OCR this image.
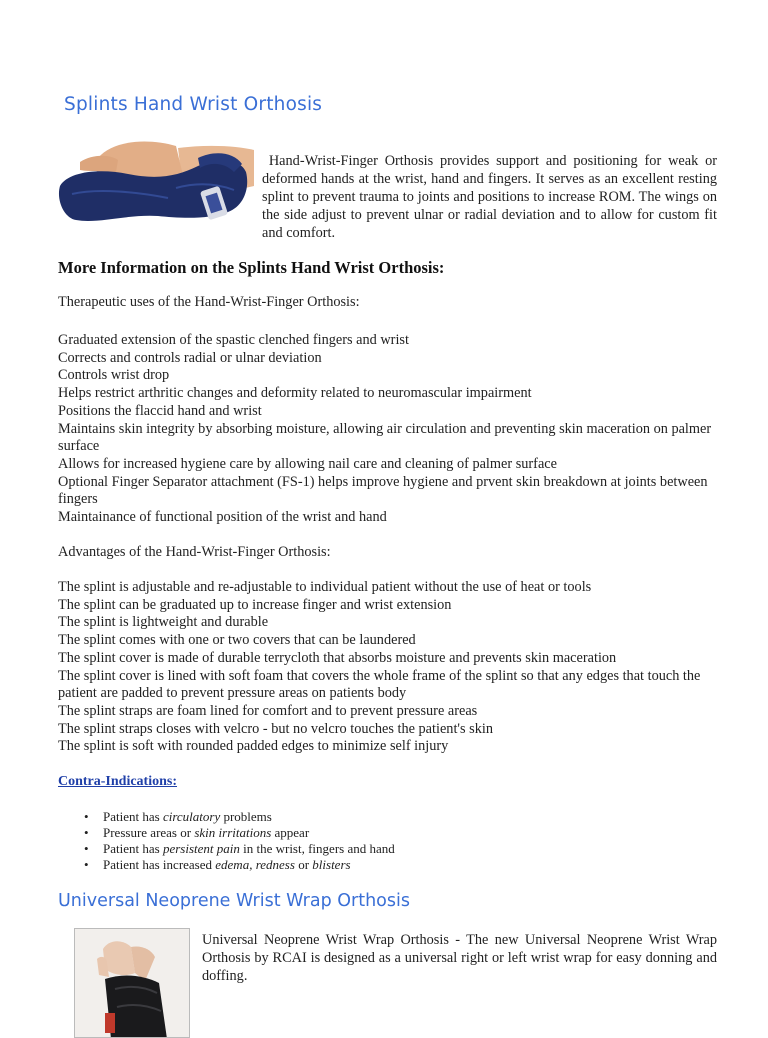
Splints Hand Wrist Orthosis

Hand-Wrist-Finger Orthosis provides support and positioning for weak or deformed hands at the wrist, hand and fingers. It serves as an excellent resting splint to prevent trauma to joints and positions to increase ROM. The wings on the side adjust to prevent ulnar or radial deviation and to allow for custom fit and comfort.

More Information on the Splints Hand Wrist Orthosis:

Therapeutic uses of the Hand-Wrist-Finger Orthosis:

Graduated extension of the spastic clenched fingers and wrist
Corrects and controls radial or ulnar deviation
Controls wrist drop
Helps restrict arthritic changes and deformity related to neuromascular impairment
Positions the flaccid hand and wrist
Maintains skin integrity by absorbing moisture, allowing air circulation and preventing skin maceration on palmer surface
Allows for increased hygiene care by allowing nail care and cleaning of palmer surface
Optional Finger Separator attachment (FS-1) helps improve hygiene and prvent skin breakdown at joints between fingers
Maintainance of functional position of the wrist and hand

Advantages of the Hand-Wrist-Finger Orthosis:

The splint is adjustable and re-adjustable to individual patient without the use of heat or tools
The splint can be graduated up to increase finger and wrist extension
The splint is lightweight and durable
The splint comes with one or two covers that can be laundered
The splint cover is made of durable terrycloth that absorbs moisture and prevents skin maceration
The splint cover is lined with soft foam that covers the whole frame of the splint so that any edges that touch the patient are padded to prevent pressure areas on patients body
The splint straps are foam lined for comfort and to prevent pressure areas
The splint straps closes with velcro - but no velcro touches the patient's skin
The splint is soft with rounded padded edges to minimize self injury

Contra-Indications:

• Patient has circulatory problems
• Pressure areas or skin irritations appear
• Patient has persistent pain in the wrist, fingers and hand
• Patient has increased edema, redness or blisters
Universal Neoprene Wrist Wrap Orthosis

Universal Neoprene Wrist Wrap Orthosis - The new Universal Neoprene Wrist Wrap Orthosis by RCAI is designed as a universal right or left wrist wrap for easy donning and doffing.
